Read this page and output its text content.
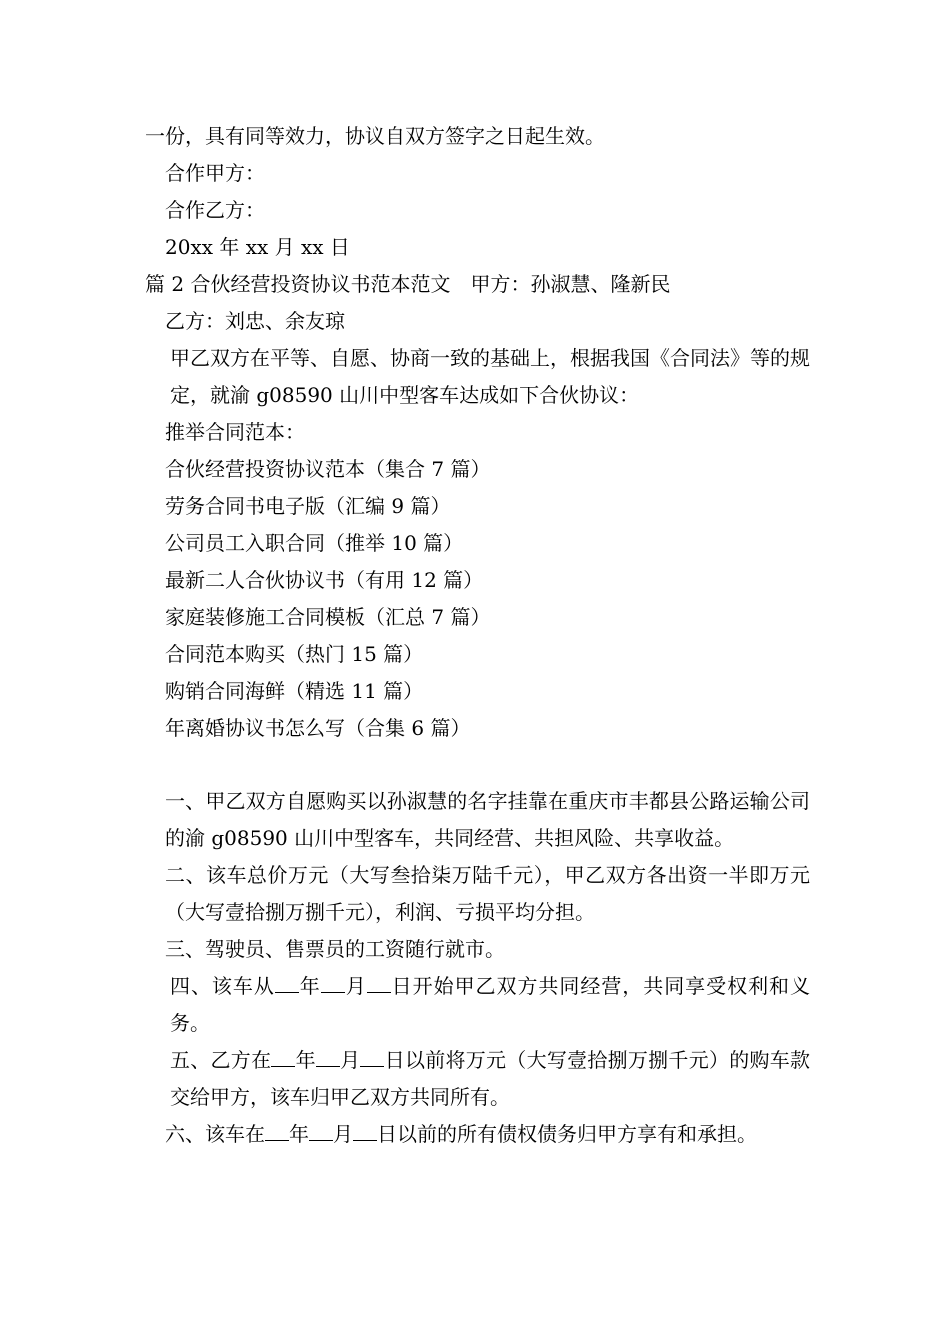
一份，具有同等效力，协议自双方签字之日起生效。
合作甲方：
合作乙方：
20xx 年 xx 月 xx 日
篇 2 合伙经营投资协议书范本范文　甲方：孙淑慧、隆新民
乙方：刘忠、余友琼

甲乙双方在平等、自愿、协商一致的基础上，根据我国《合同法》等的规定，就渝 g08590 山川中型客车达成如下合伙协议：

推举合同范本：
合伙经营投资协议范本（集合 7 篇）
劳务合同书电子版（汇编 9 篇）
公司员工入职合同（推举 10 篇）
最新二人合伙协议书（有用 12 篇）
家庭装修施工合同模板（汇总 7 篇）
合同范本购买（热门 15 篇）
购销合同海鲜（精选 11 篇）
年离婚协议书怎么写（合集 6 篇）

一、甲乙双方自愿购买以孙淑慧的名字挂靠在重庆市丰都县公路运输公司的渝 g08590 山川中型客车，共同经营、共担风险、共享收益。

二、该车总价万元（大写叁拾柒万陆千元），甲乙双方各出资一半即万元（大写壹拾捌万捌千元），利润、亏损平均分担。

三、驾驶员、售票员的工资随行就市。

四、该车从 年 月 日开始甲乙双方共同经营，共同享受权利和义务。

五、乙方在 年 月 日以前将万元（大写壹拾捌万捌千元）的购车款交给甲方，该车归甲乙双方共同所有。

六、该车在 年 月 日以前的所有债权债务归甲方享有和承担。
